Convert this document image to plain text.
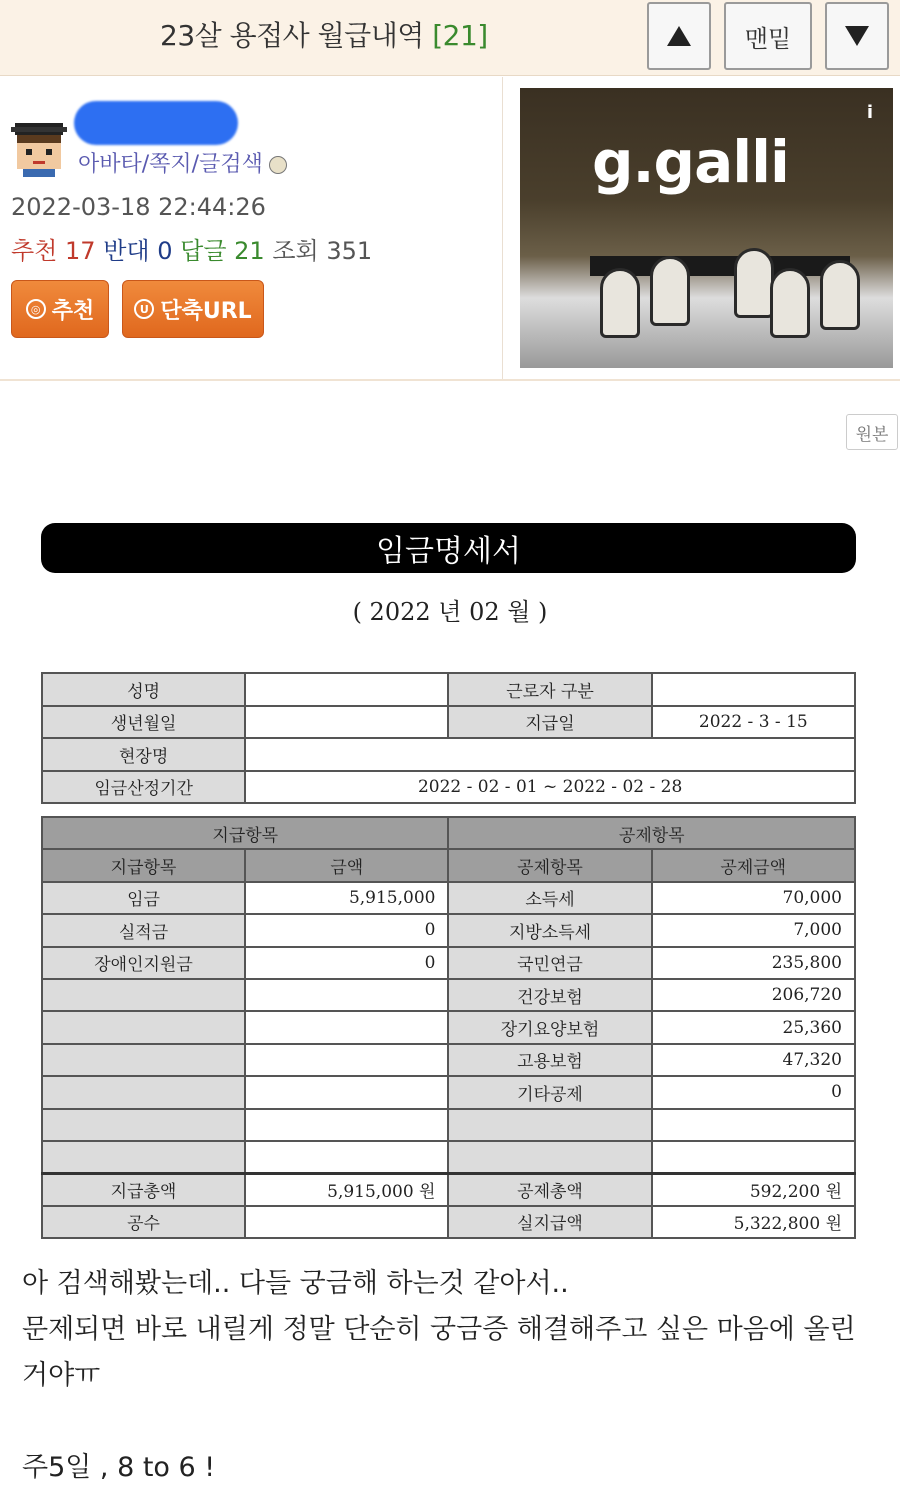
23살 용접사 월급내역 [21]	맨밑
아바타/쪽지/글검색
2022-03-18 22:44:26
추천 17 반대 0 답글 21 조회 351
◎ 추천	U 단축URL
g.galli
i
원본
임금명세서
( 2022 년 02 월 )
성명		근로자 구분	
생년월일		지급일	2022 - 3 - 15
현장명			
임금산정기간	2022 - 02 - 01 ~ 2022 - 02 - 28		
지급항목		공제항목	
지급항목	금액	공제항목	공제금액
임금	5,915,000	소득세	70,000
실적금	0	지방소득세	7,000
장애인지원금	0	국민연금	235,800
		건강보험	206,720
		장기요양보험	25,360
		고용보험	47,320
		기타공제	0

지급총액	5,915,000 원	공제총액	592,200 원
공수		실지급액	5,322,800 원
아 검색해봤는데.. 다들 궁금해 하는것 같아서..
문제되면 바로 내릴게 정말 단순히 궁금증 해결해주고 싶은 마음에 올린
거야ㅠ
주5일 , 8 to 6 !
